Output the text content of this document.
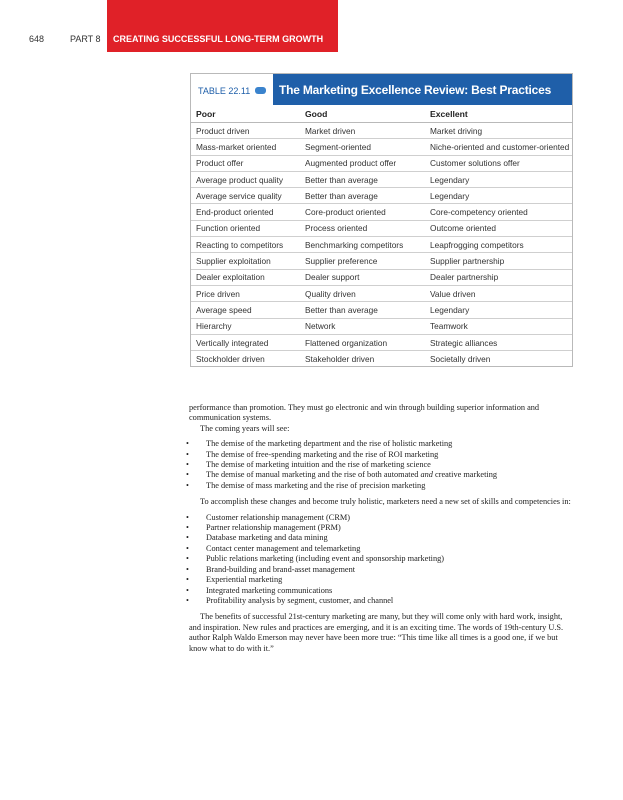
648	PART 8 CREATING SUCCESSFUL LONG-TERM GROWTH
TABLE 22.11 The Marketing Excellence Review: Best Practices
Poor	Good	Excellent
Product driven	Market driven	Market driving
Mass-market oriented	Segment-oriented	Niche-oriented and customer-oriented
Product offer	Augmented product offer	Customer solutions offer
Average product quality	Better than average	Legendary
Average service quality	Better than average	Legendary
End-product oriented	Core-product oriented	Core-competency oriented
Function oriented	Process oriented	Outcome oriented
Reacting to competitors	Benchmarking competitors	Leapfrogging competitors
Supplier exploitation	Supplier preference	Supplier partnership
Dealer exploitation	Dealer support	Dealer partnership
Price driven	Quality driven	Value driven
Average speed	Better than average	Legendary
Hierarchy	Network	Teamwork
Vertically integrated	Flattened organization	Strategic alliances
Stockholder driven	Stakeholder driven	Societally driven

performance than promotion. They must go electronic and win through building superior information and communication systems.

The coming years will see:

• The demise of the marketing department and the rise of holistic marketing
• The demise of free-spending marketing and the rise of ROI marketing
• The demise of marketing intuition and the rise of marketing science
• The demise of manual marketing and the rise of both automated and creative marketing
• The demise of mass marketing and the rise of precision marketing

To accomplish these changes and become truly holistic, marketers need a new set of skills and competencies in:

• Customer relationship management (CRM)
• Partner relationship management (PRM)
• Database marketing and data mining
• Contact center management and telemarketing
• Public relations marketing (including event and sponsorship marketing)
• Brand-building and brand-asset management
• Experiential marketing
• Integrated marketing communications
• Profitability analysis by segment, customer, and channel

The benefits of successful 21st-century marketing are many, but they will come only with hard work, insight, and inspiration. New rules and practices are emerging, and it is an exciting time. The words of 19th-century U.S. author Ralph Waldo Emerson may never have been more true: “This time like all times is a good one, if we but know what to do with it.”
